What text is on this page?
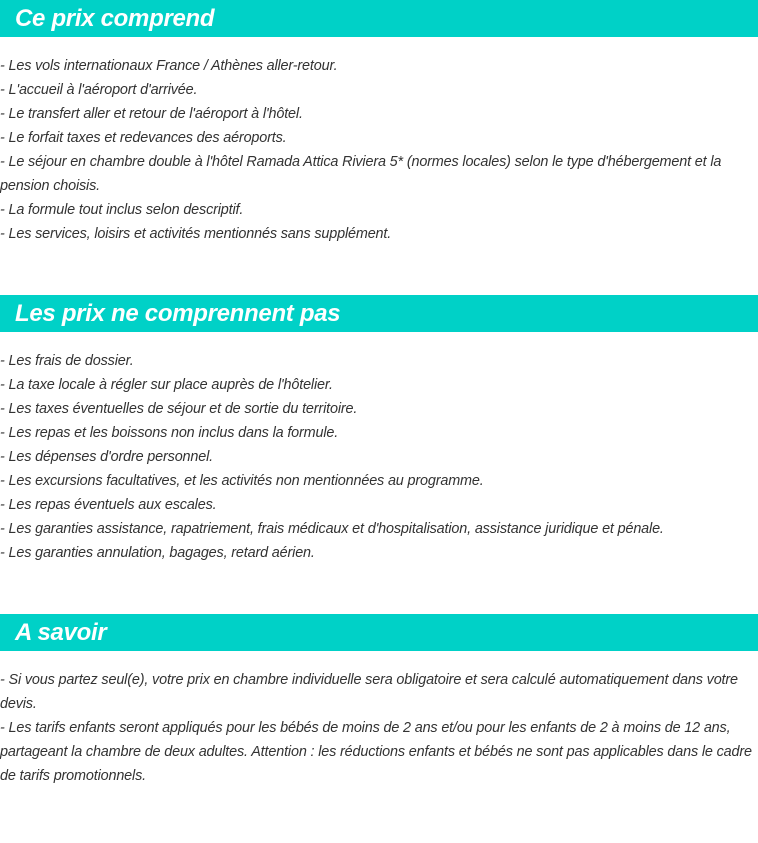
Ce prix comprend
- Les vols internationaux France / Athènes aller-retour.
- L'accueil à l'aéroport d'arrivée.
- Le transfert aller et retour de l'aéroport à l'hôtel.
- Le forfait taxes et redevances des aéroports.
- Le séjour en chambre double à l'hôtel Ramada Attica Riviera 5* (normes locales) selon le type d'hébergement et la pension choisis.
- La formule tout inclus selon descriptif.
- Les services, loisirs et activités mentionnés sans supplément.
Les prix ne comprennent pas
- Les frais de dossier.
- La taxe locale à régler sur place auprès de l'hôtelier.
- Les taxes éventuelles de séjour et de sortie du territoire.
- Les repas et les boissons non inclus dans la formule.
- Les dépenses d'ordre personnel.
- Les excursions facultatives, et les activités non mentionnées au programme.
- Les repas éventuels aux escales.
- Les garanties assistance, rapatriement, frais médicaux et d'hospitalisation, assistance juridique et pénale.
- Les garanties annulation, bagages, retard aérien.
A savoir
- Si vous partez seul(e), votre prix en chambre individuelle sera obligatoire et sera calculé automatiquement dans votre devis.
- Les tarifs enfants seront appliqués pour les bébés de moins de 2 ans et/ou pour les enfants de 2 à moins de 12 ans, partageant la chambre de deux adultes. Attention : les réductions enfants et bébés ne sont pas applicables dans le cadre de tarifs promotionnels.
